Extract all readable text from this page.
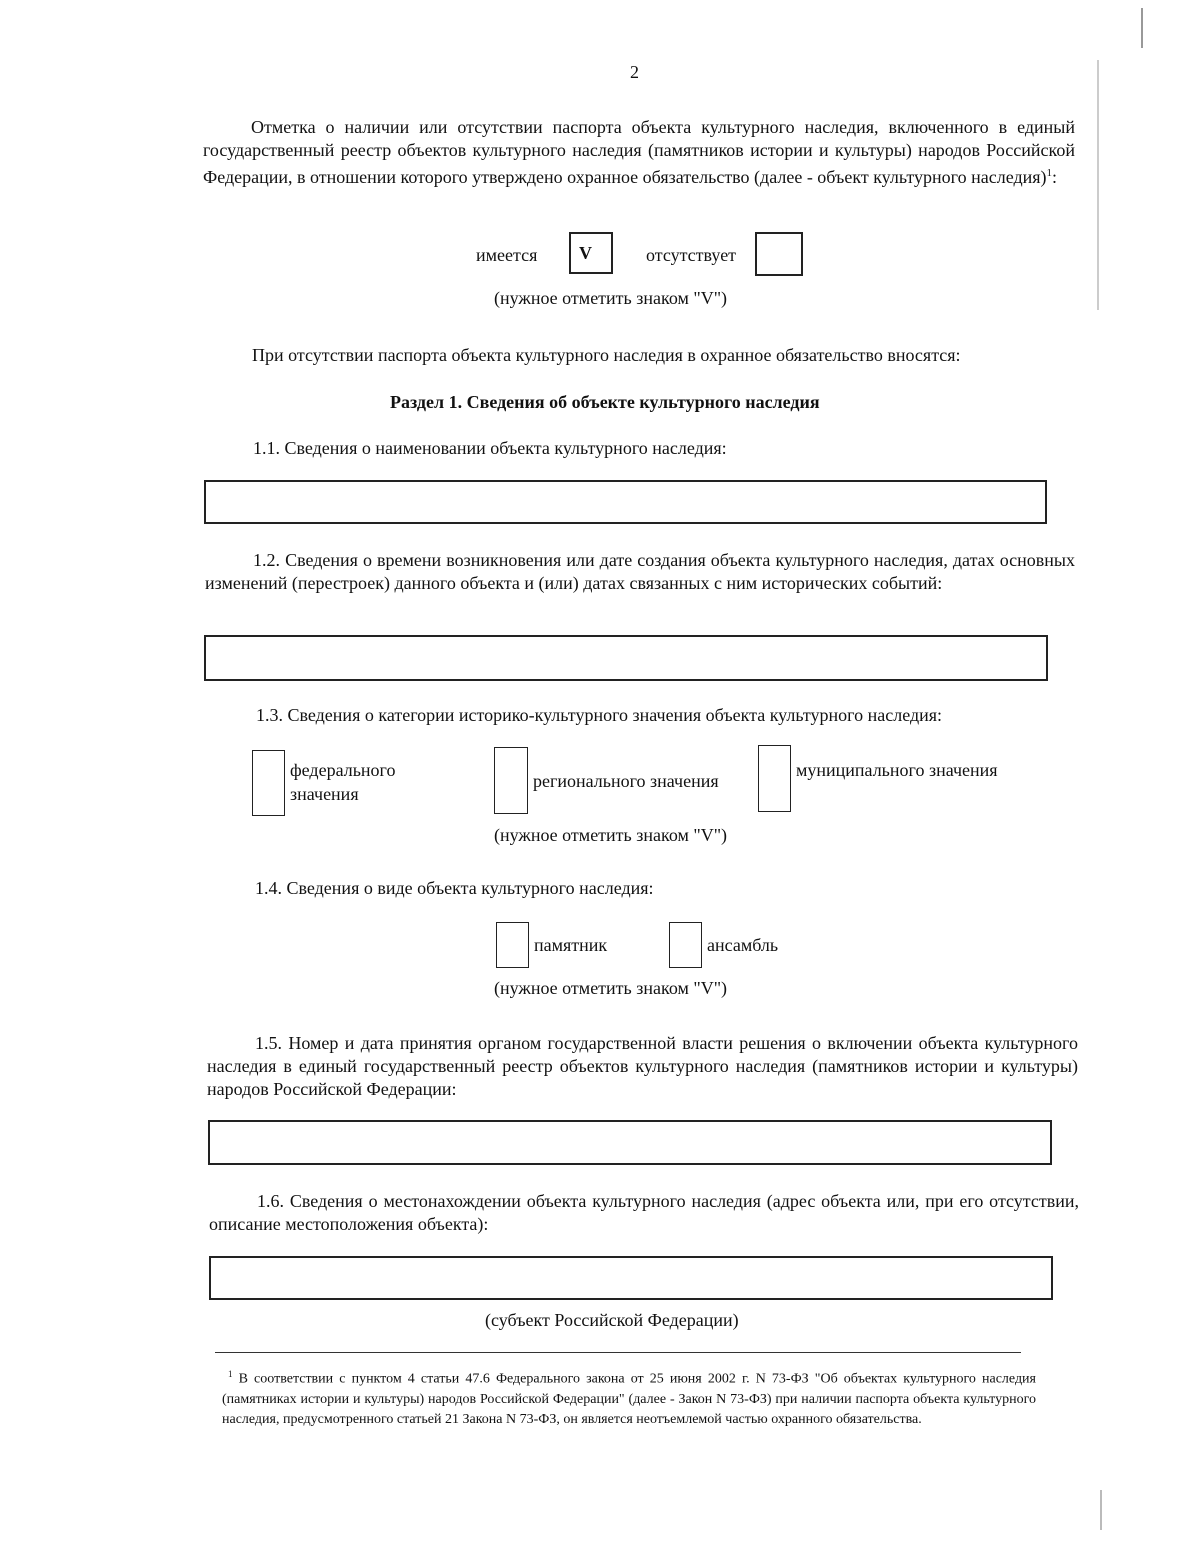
2
Отметка о наличии или отсутствии паспорта объекта культурного наследия, включенного в единый государственный реестр объектов культурного наследия (памятников истории и культуры) народов Российской Федерации, в отношении которого утверждено охранное обязательство (далее - объект культурного наследия)$^1$:
имеется V	отсутствует
(нужное отметить знаком "V")
При отсутствии паспорта объекта культурного наследия в охранное обязательство вносятся:
Раздел 1. Сведения об объекте культурного наследия
1.1. Сведения о наименовании объекта культурного наследия:
1.2. Сведения о времени возникновения или дате создания объекта культурного наследия, датах основных изменений (перестроек) данного объекта и (или) датах связанных с ним исторических событий:
1.3. Сведения о категории историко-культурного значения объекта культурного наследия:
федерального
значения
регионального значения
муниципального значения
(нужное отметить знаком "V")
1.4. Сведения о виде объекта культурного наследия:
памятник	ансамбль
(нужное отметить знаком "V")
1.5. Номер и дата принятия органом государственной власти решения о включении объекта культурного наследия в единый государственный реестр объектов культурного наследия (памятников истории и культуры) народов Российской Федерации:
1.6. Сведения о местонахождении объекта культурного наследия (адрес объекта или, при его отсутствии, описание местоположения объекта):
(субъект Российской Федерации)
$^1$ В соответствии с пунктом 4 статьи 47.6 Федерального закона от 25 июня 2002 г. N 73-ФЗ "Об объектах культурного наследия (памятниках истории и культуры) народов Российской Федерации" (далее - Закон N 73-ФЗ) при наличии паспорта объекта культурного наследия, предусмотренного статьей 21 Закона N 73-ФЗ, он является неотъемлемой частью охранного обязательства.
